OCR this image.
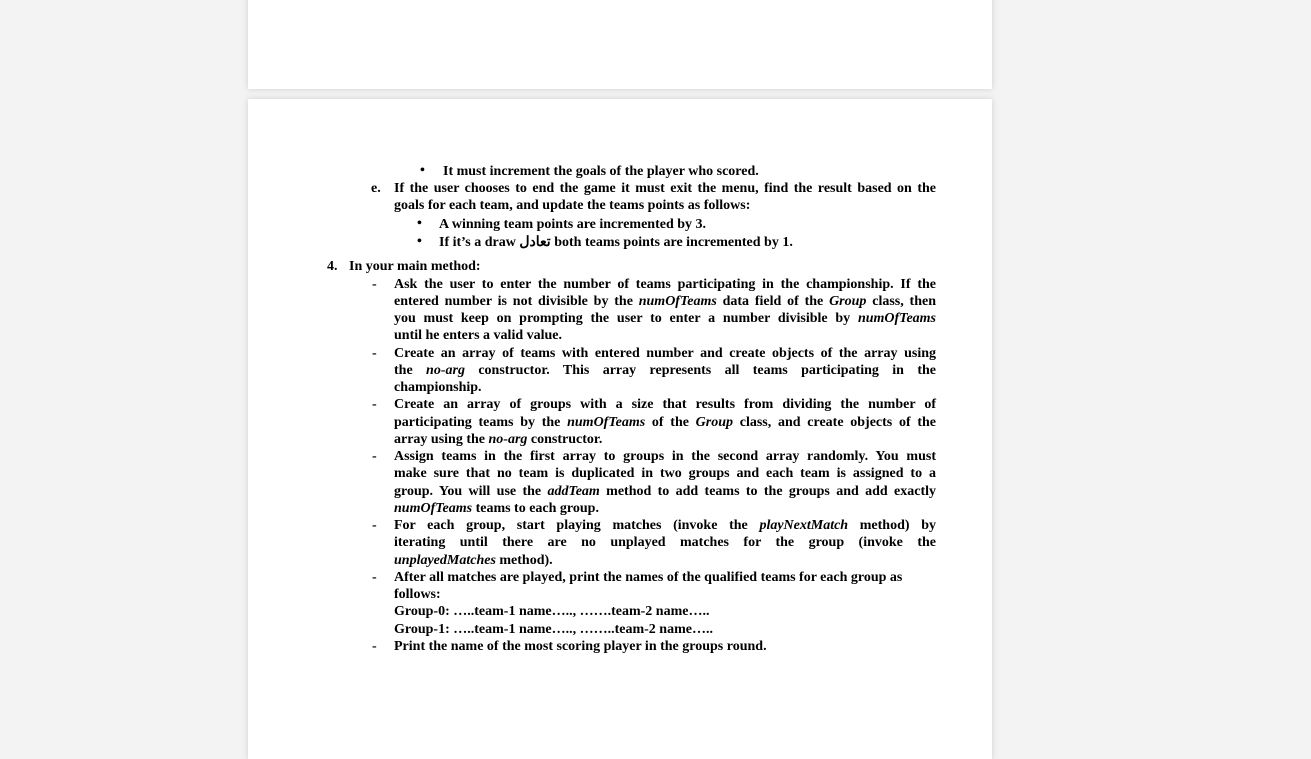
• It must increment the goals of the player who scored.
e. If the user chooses to end the game it must exit the menu, find the result based on the
goals for each team, and update the teams points as follows:
• A winning team points are incremented by 3.
• If it’s a draw تعادل both teams points are incremented by 1.
4. In your main method:
- Ask the user to enter the number of teams participating in the championship. If the
entered number is not divisible by the numOfTeams data field of the Group class, then
you must keep on prompting the user to enter a number divisible by numOfTeams
until he enters a valid value.
- Create an array of teams with entered number and create objects of the array using
the no-arg constructor. This array represents all teams participating in the
championship.
- Create an array of groups with a size that results from dividing the number of
participating teams by the numOfTeams of the Group class, and create objects of the
array using the no-arg constructor.
- Assign teams in the first array to groups in the second array randomly. You must
make sure that no team is duplicated in two groups and each team is assigned to a
group. You will use the addTeam method to add teams to the groups and add exactly
numOfTeams teams to each group.
- For each group, start playing matches (invoke the playNextMatch method) by
iterating until there are no unplayed matches for the group (invoke the
unplayedMatches method).
- After all matches are played, print the names of the qualified teams for each group as
follows:
Group-0: …..team-1 name….., …….team-2 name…..
Group-1: …..team-1 name….., ……..team-2 name…..
- Print the name of the most scoring player in the groups round.
